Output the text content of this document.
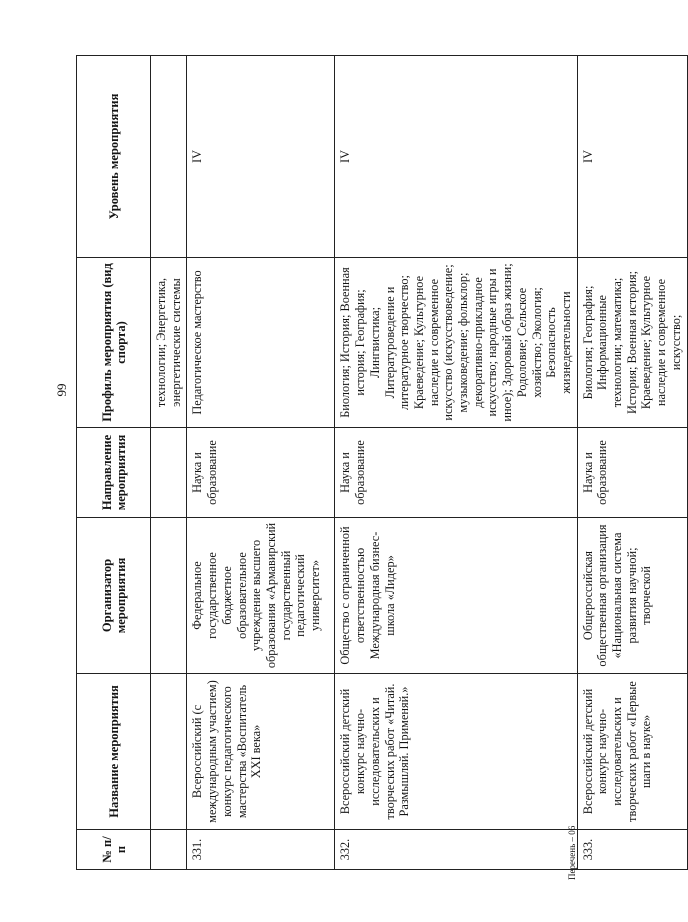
99
№ п/п	Название мероприятия	Организатор мероприятия	Направление мероприятия	Профиль мероприятия (вид спорта)	Уровень мероприятия
				технологии; Энергетика, энергетические системы	
331.	Всероссийский (с международным участием) конкурс педагогического мастерства «Воспитатель XXI века»	Федеральное государственное бюджетное образовательное учреждение высшего образования «Армавирский государственный педагогический университет»	Наука и образование	Педагогическое мастерство	IV
332.	Всероссийский детский конкурс научно-исследовательских и творческих работ «Читай. Размышляй. Применяй.»	Общество с ограниченной ответственностью Международная бизнес-школа «Лидер»	Наука и образование	Биология; История; Военная история; География; Лингвистика; Литературоведение и литературное творчество; Краеведение; Культурное наследие и современное искусство (искусствоведение; музыковедение; фольклор; декоративно-прикладное искусство; народные игры и иное); Здоровый образ жизни; Родоловие; Сельское хозяйство; Экология; Безопасность жизнедеятельности	IV
333.	Всероссийский детский конкурс научно-исследовательских и творческих работ «Первые шаги в науке»	Общероссийская общественная организация «Национальная система развития научной; творческой	Наука и образование	Биология; География; Информационные технологии; математика; История; Военная история; Краеведение; Культурное наследие и современное искусство;	IV
Перечень – 06
